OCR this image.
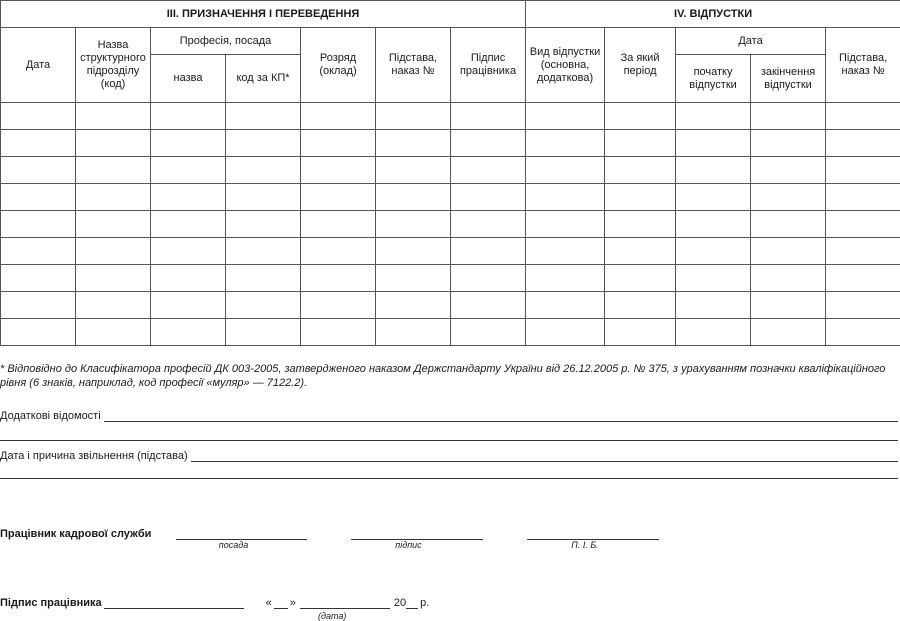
III. ПРИЗНАЧЕННЯ І ПЕРЕВЕДЕННЯ							IV. ВІДПУСТКИ				
Дата	Назва структурного підрозділу (код)	Професія, посада		Розряд (оклад)	Підстава, наказ №	Підпис працівника	Вид відпустки (основна, додаткова)	За який період	Дата		Підстава, наказ №
		назва	код за КП*						початку відпустки	закінчення відпустки	

* Відповідно до Класифікатора професій ДК 003-2005, затвердженого наказом Держстандарту України від 26.12.2005 р. № 375, з урахуванням позначки кваліфікаційного рівня (6 знаків, наприклад, код професії «муляр» — 7122.2).
Додаткові відомості
Дата і причина звільнення (підстава)
Працівник кадрової служби
посада	підпис	П. І. Б.
Підпис працівника	« »	20 р.
(дата)
